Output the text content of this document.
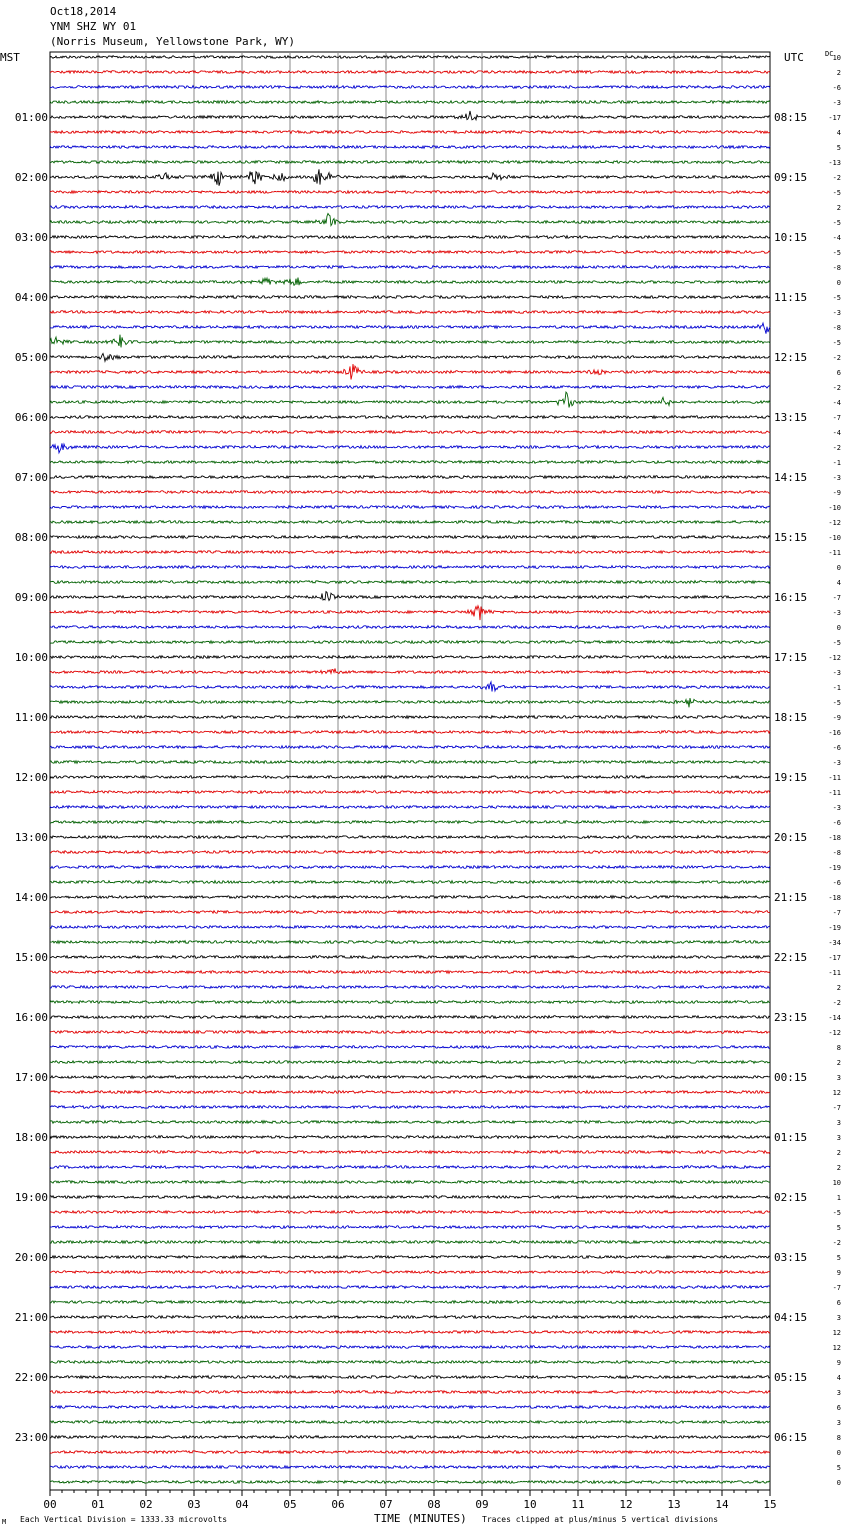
Oct18,2014
YNM SHZ WY 01
(Norris Museum, Yellowstone Park, WY)
MST	UTC	DC
00	01	02	03	04	05	06	07	08	09	10	11	12	13	14	15
10
2
-6
-3
-17
4
5
-13
-2
-5
2
-5
-4
-5
-8
0
-5
-3
-8
-5
-2
6
-2
-4
-7
-4
-2
-1
-3
-9
-10
-12
-10
-11
0
4
-7
-3
0
-5
-12
-3
-1
-5
-9
-16
-6
-3
-11
-11
-3
-6
-18
-8
-19
-6
-18
-7
-19
-34
-17
-11
2
-2
-14
-12
8
2
3
12
-7
3
3
2
2
10
1
-5
5
-2
5
9
-7
6
3
12
12
9
4
3
6
3
8
0
5
0
01:00	08:15
02:00	09:15
03:00	10:15
04:00	11:15
05:00	12:15
06:00	13:15
07:00	14:15
08:00	15:15
09:00	16:15
10:00	17:15
11:00	18:15
12:00	19:15
13:00	20:15
14:00	21:15
15:00	22:15
16:00	23:15
17:00	00:15
18:00	01:15
19:00	02:15
20:00	03:15
21:00	04:15
22:00	05:15
23:00	06:15
M Each Vertical Division = 1333.33 microvolts	TIME (MINUTES) Traces clipped at plus/minus 5 vertical divisions
